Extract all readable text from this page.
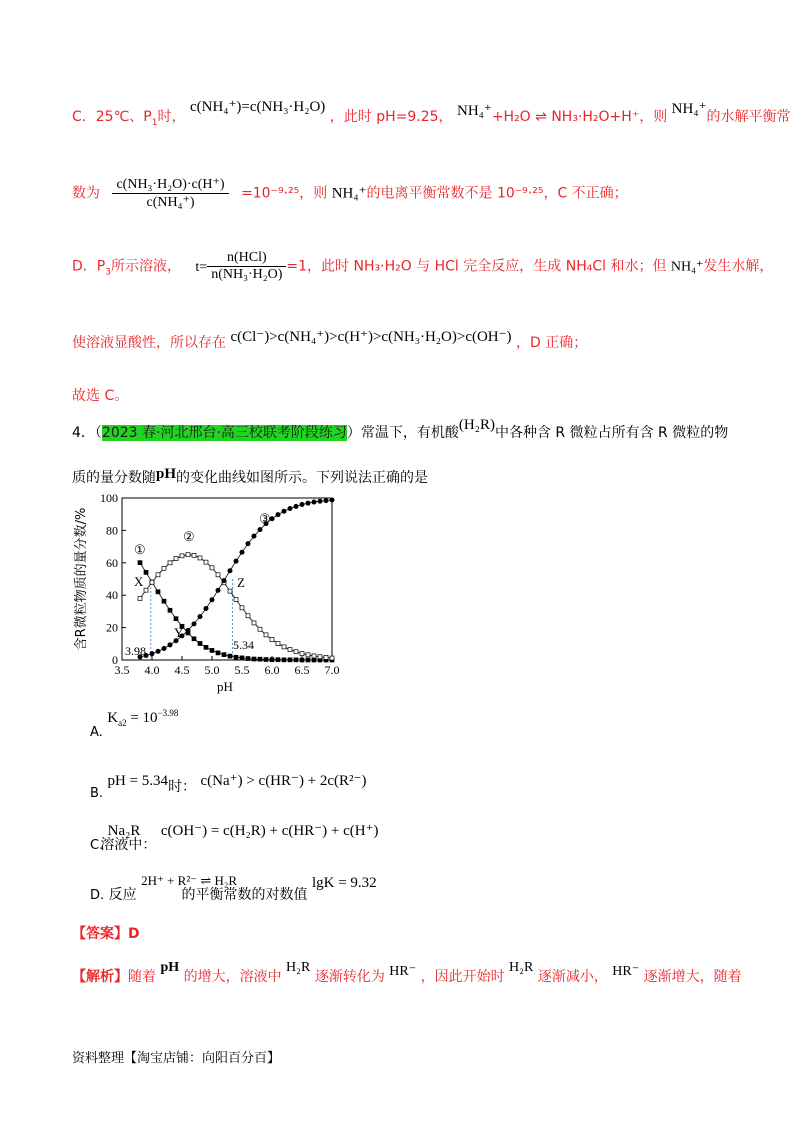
C．25℃、$P_1$时， c(NH₄⁺)=c(NH₃·H₂O) ，此时 pH=9.25， NH₄⁺+H₂O ⇌ NH₃·H₂O+H⁺，则 NH₄⁺的水解平衡常
数为 $\frac{\text{c(NH₃·H₂O)·c(H⁺)}}{\text{c(NH₄⁺)}} =10^{-9}\cdot^{25}$，则 NH₄⁺的电离平衡常数不是 10⁻⁹·²⁵，C 不正确；
D．$P_3$所示溶液， $t= \frac{\text{n(HCl)}}{\text{n(NH₃·H₂O)}} =1$，此时 NH₃·H₂O 与 HCl 完全反应，生成 NH₄Cl 和水；但 NH₄⁺发生水解，
使溶液显酸性，所以存在 c(Cl⁻)>c(NH₄⁺)>c(H⁺)>c(NH₃·H₂O)>c(OH⁻) ，D 正确；
故选 C。
4．（2023 春·河北邢台·高三校联考阶段练习）常温下，有机酸(H₂R)中各种含 R 微粒占所有含 R 微粒的物
质的量分数随pH的变化曲线如图所示。下列说法正确的是
3.5 4.0 4.5 5.0 5.5 6.0 6.5 7.0
0
20
40
60
80
100
pH
含R微粒物质的量分数/%	①
②
③
X
Y
Z
3.98	5.34
A. $K_{a2} = 10^{-3.98}$
B. pH = 5.34时： c(Na⁺) > c(HR⁻) + 2c(R²⁻)
C. Na₂R溶液中： c(OH⁻) = c(H₂R) + c(HR⁻) + c(H⁺)
D. 反应 2H⁺ + R²⁻ ⇌ H₂R 的平衡常数的对数值 lgK = 9.32
【答案】D
【解析】随着 pH 的增大，溶液中 H₂R 逐渐转化为 HR⁻ ，因此开始时 H₂R 逐渐减小， HR⁻ 逐渐增大，随着
资料整理【淘宝店铺：向阳百分百】
